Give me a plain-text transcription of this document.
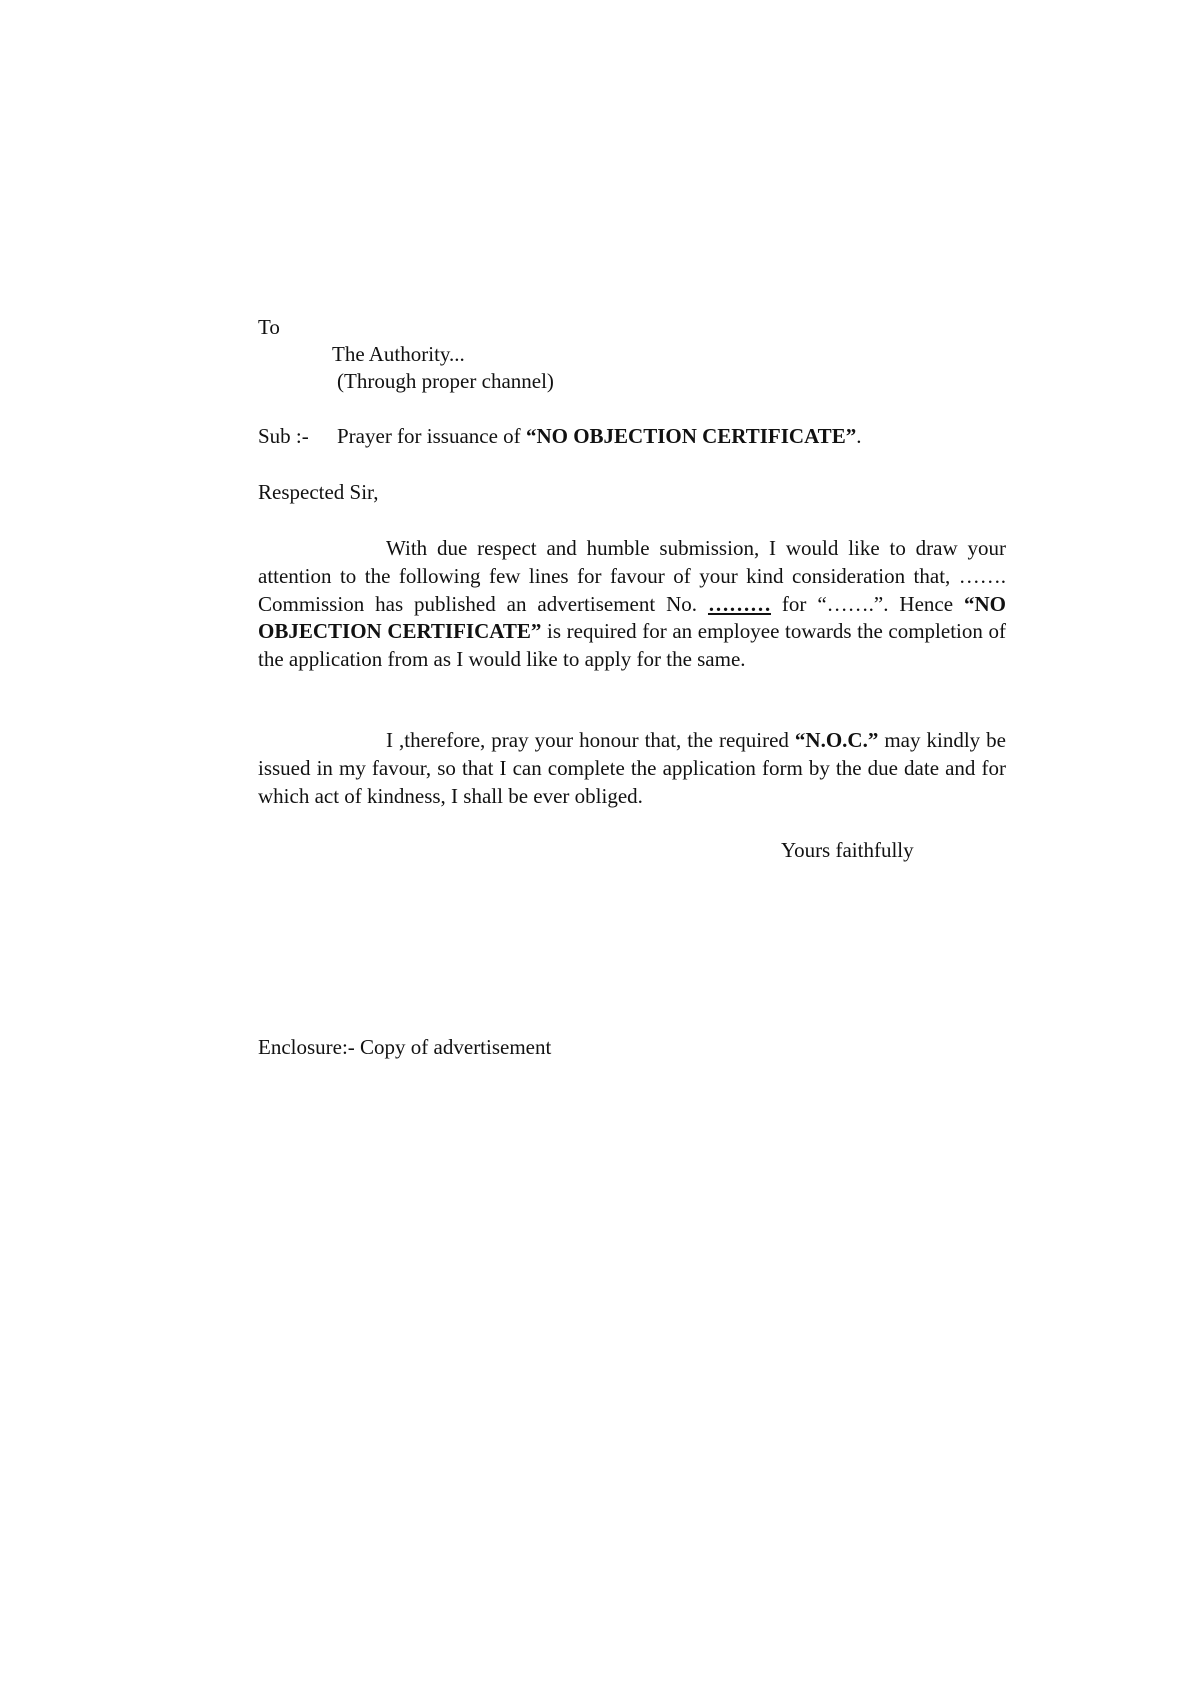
To
The Authority...
(Through proper channel)
Sub :- Prayer for issuance of “NO OBJECTION CERTIFICATE”.
Respected Sir,

With due respect and humble submission, I would like to draw your attention to the following few lines for favour of your kind consideration that, ……. Commission has published an advertisement No. ……… for “…….”. Hence “NO OBJECTION CERTIFICATE” is required for an employee towards the completion of the application from as I would like to apply for the same.

I ,therefore, pray your honour that, the required “N.O.C.” may kindly be issued in my favour, so that I can complete the application form by the due date and for which act of kindness, I shall be ever obliged.

Yours faithfully
Enclosure:- Copy of advertisement
